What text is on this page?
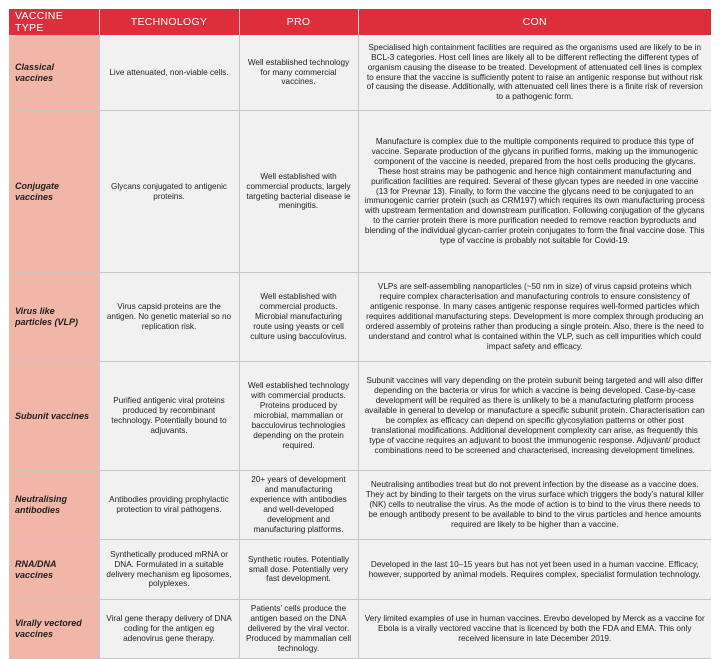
VACCINE TYPE	TECHNOLOGY	PRO	CON
Classical vaccines	Live attenuated, non-viable cells.	Well established technology for many commercial vaccines.	Specialised high containment facilities are required as the organisms used are likely to be in BCL-3 categories. Host cell lines are likely all to be different reflecting the different types of organism causing the disease to be treated. Development of attenuated cell lines is complex to ensure that the vaccine is sufficiently potent to raise an antigenic response but without risk of causing the disease. Additionally, with attenuated cell lines there is a finite risk of reversion to a pathogenic form.
Conjugate vaccines	Glycans conjugated to antigenic proteins.	Well established with commercial products, largely targeting bacterial disease ie meningitis.	Manufacture is complex due to the multiple components required to produce this type of vaccine. Separate production of the glycans in purified forms, making up the immunogenic component of the vaccine is needed, prepared from the host cells producing the glycans. These host strains may be pathogenic and hence high containment manufacturing and purification facilities are required. Several of these glycan types are needed in one vaccine (13 for Prevnar 13). Finally, to form the vaccine the glycans need to be conjugated to an immunogenic carrier protein (such as CRM197) which requires its own manufacturing process with upstream fermentation and downstream purification. Following conjugation of the glycans to the carrier protein there is more purification needed to remove reaction byproducts and blending of the individual glycan-carrier protein conjugates to form the final vaccine dose. This type of vaccine is probably not suitable for Covid-19.
Virus like particles (VLP)	Virus capsid proteins are the antigen. No genetic material so no replication risk.	Well established with commercial products. Microbial manufacturing route using yeasts or cell culture using bacculovirus.	VLPs are self-assembling nanoparticles (~50 nm in size) of virus capsid proteins which require complex characterisation and manufacturing controls to ensure consistency of antigenic response. In many cases antigenic response requires well-formed particles which requires additional manufacturing steps. Development is more complex through producing an ordered assembly of proteins rather than producing a single protein. Also, there is the need to understand and control what is contained within the VLP, such as cell impurities which could impact safety and efficacy.
Subunit vaccines	Purified antigenic viral proteins produced by recombinant technology. Potentially bound to adjuvants.	Well established technology with commercial products. Proteins produced by microbial, mammalian or bacculovirus technologies depending on the protein required.	Subunit vaccines will vary depending on the protein subunit being targeted and will also differ depending on the bacteria or virus for which a vaccine is being developed. Case-by-case development will be required as there is unlikely to be a manufacturing platform process available in general to develop or manufacture a specific subunit protein. Characterisation can be complex as efficacy can depend on specific glycosylation patterns or other post translational modifications. Additional development complexity can arise, as frequently this type of vaccine requires an adjuvant to boost the immunogenic response. Adjuvant/ product combinations need to be screened and characterised, increasing development timelines.
Neutralising antibodies	Antibodies providing prophylactic protection to viral pathogens.	20+ years of development and manufacturing experience with antibodies and well-developed development and manufacturing platforms.	Neutralising antibodies treat but do not prevent infection by the disease as a vaccine does. They act by binding to their targets on the virus surface which triggers the body’s natural killer (NK) cells to neutralise the virus. As the mode of action is to bind to the virus there needs to be enough antibody present to be available to bind to the virus particles and hence amounts required are likely to be higher than a vaccine.
RNA/DNA vaccines	Synthetically produced mRNA or DNA. Formulated in a suitable delivery mechanism eg liposomes, polyplexes.	Synthetic routes. Potentially small dose. Potentially very fast development.	Developed in the last 10–15 years but has not yet been used in a human vaccine. Efficacy, however, supported by animal models. Requires complex, specialist formulation technology.
Virally vectored vaccines	Viral gene therapy delivery of DNA coding for the antigen eg adenovirus gene therapy.	Patients’ cells produce the antigen based on the DNA delivered by the viral vector. Produced by mammalian cell technology.	Very limited examples of use in human vaccines. Erevbo developed by Merck as a vaccine for Ebola is a virally vectored vaccine that is licenced by both the FDA and EMA. This only received licensure in late December 2019.
